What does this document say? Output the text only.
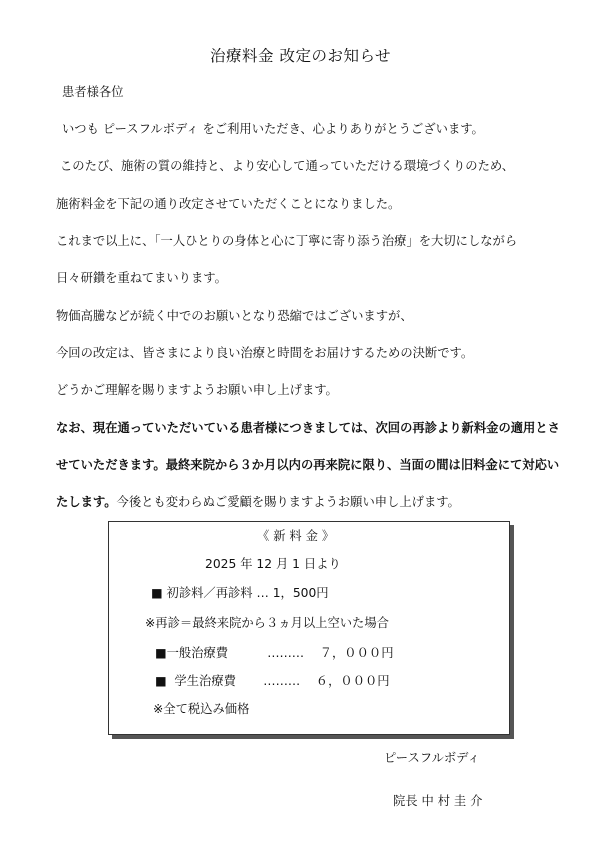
治療料金 改定のお知らせ
患者様各位
いつも ピースフルボディ をご利用いただき、心よりありがとうございます。
このたび、施術の質の維持と、より安心して通っていただける環境づくりのため、
施術料金を下記の通り改定させていただくことになりました。
これまで以上に、「一人ひとりの身体と心に丁寧に寄り添う治療」を大切にしながら
日々研鑽を重ねてまいります。
物価高騰などが続く中でのお願いとなり恐縮ではございますが、
今回の改定は、皆さまにより良い治療と時間をお届けするための決断です。
どうかご理解を賜りますようお願い申し上げます。
なお、現在通っていただいている患者様につきましては、次回の再診より新料金の適用とさ
せていただきます。最終来院から３か月以内の再来院に限り、当面の間は旧料金にて対応い
たします。今後とも変わらぬご愛顧を賜りますようお願い申し上げます。
《 新 料 金 》
2025 年 12 月 1 日より
■ 初診料／再診料 … 1，500円
※再診＝最終来院から３ヵ月以上空いた場合
■一般治療費          ………    ７，０００円
■  学生治療費       ………    ６，０００円
※全て税込み価格
ピースフルボディ
院長 中 村 圭 介
